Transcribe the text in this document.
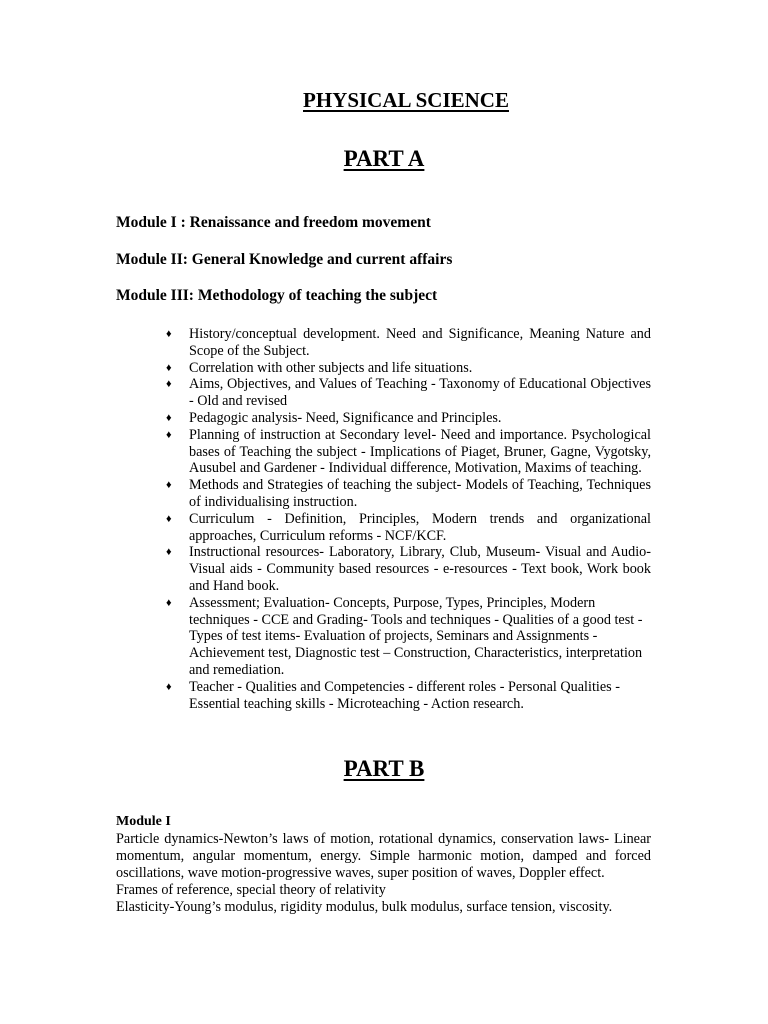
PHYSICAL SCIENCE
PART A

Module I : Renaissance and freedom movement

Module II: General Knowledge and current affairs

Module III: Methodology of teaching the subject

♦ History/conceptual development. Need and Significance, Meaning Nature and Scope of the Subject.
♦ Correlation with other subjects and life situations.
♦ Aims, Objectives, and Values of Teaching - Taxonomy of Educational Objectives - Old and revised
♦ Pedagogic analysis- Need, Significance and Principles.
♦ Planning of instruction at Secondary level- Need and importance. Psychological bases of Teaching the subject - Implications of Piaget, Bruner, Gagne, Vygotsky, Ausubel and Gardener - Individual difference, Motivation, Maxims of teaching.
♦ Methods and Strategies of teaching the subject- Models of Teaching, Techniques of individualising instruction.
♦ Curriculum - Definition, Principles, Modern trends and organizational approaches, Curriculum reforms - NCF/KCF.
♦ Instructional resources- Laboratory, Library, Club, Museum- Visual and Audio-Visual aids - Community based resources - e-resources - Text book, Work book and Hand book.
♦ Assessment; Evaluation- Concepts, Purpose, Types, Principles, Modern techniques - CCE and Grading- Tools and techniques - Qualities of a good test - Types of test items- Evaluation of projects, Seminars and Assignments - Achievement test, Diagnostic test – Construction, Characteristics, interpretation and remediation.
♦ Teacher - Qualities and Competencies - different roles - Personal Qualities - Essential teaching skills - Microteaching - Action research.
PART B

Module I

Particle dynamics-Newton’s laws of motion, rotational dynamics, conservation laws- Linear momentum, angular momentum, energy. Simple harmonic motion, damped and forced oscillations, wave motion-progressive waves, super position of waves, Doppler effect.

Frames of reference, special theory of relativity

Elasticity-Young’s modulus, rigidity modulus, bulk modulus, surface tension, viscosity.
